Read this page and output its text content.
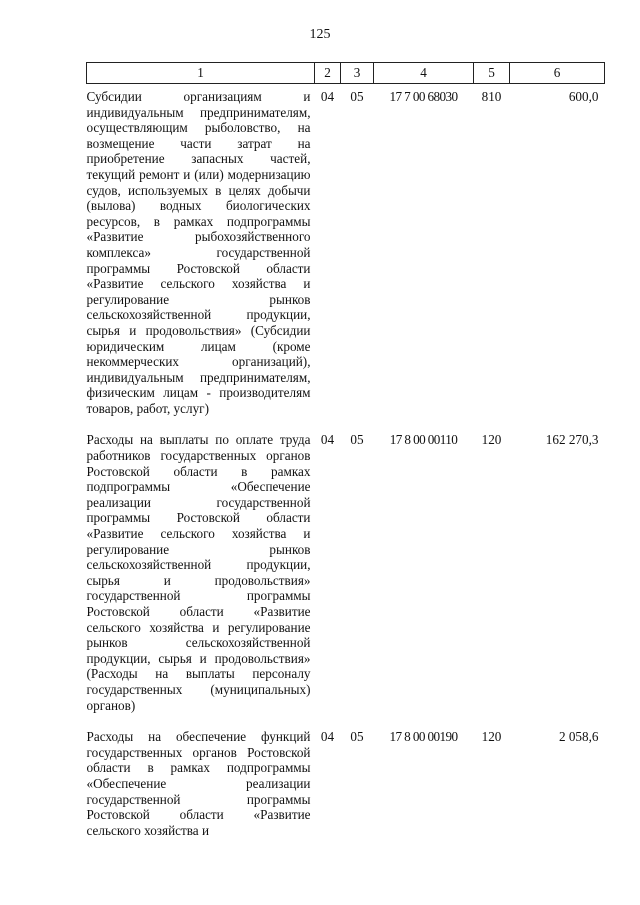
125
1	2	3	4	5	6
Субсидии организациям и индивидуальным предпринимателям, осуществляющим рыболовство, на возмещение части затрат на приобретение запасных частей, текущий ремонт и (или) модернизацию судов, используемых в целях добычи (вылова) водных биологических ресурсов, в рамках подпрограммы «Развитие рыбохозяйственного комплекса» государственной программы Ростовской области «Развитие сельского хозяйства и регулирование рынков сельскохозяйственной продукции, сырья и продовольствия» (Субсидии юридическим лицам (кроме некоммерческих организаций), индивидуальным предпринимателям, физическим лицам - производителям товаров, работ, услуг)	04	05	17 7 00 68030	810	600,0
Расходы на выплаты по оплате труда работников государственных органов Ростовской области в рамках подпрограммы «Обеспечение реализации государственной программы Ростовской области «Развитие сельского хозяйства и регулирование рынков сельскохозяйственной продукции, сырья и продовольствия» государственной программы Ростовской области «Развитие сельского хозяйства и регулирование рынков сельскохозяйственной продукции, сырья и продовольствия» (Расходы на выплаты персоналу государственных (муниципальных) органов)	04	05	17 8 00 00110	120	162 270,3
Расходы на обеспечение функций государственных органов Ростовской области в рамках подпрограммы «Обеспечение реализации государственной программы Ростовской области «Развитие сельского хозяйства и	04	05	17 8 00 00190	120	2 058,6
